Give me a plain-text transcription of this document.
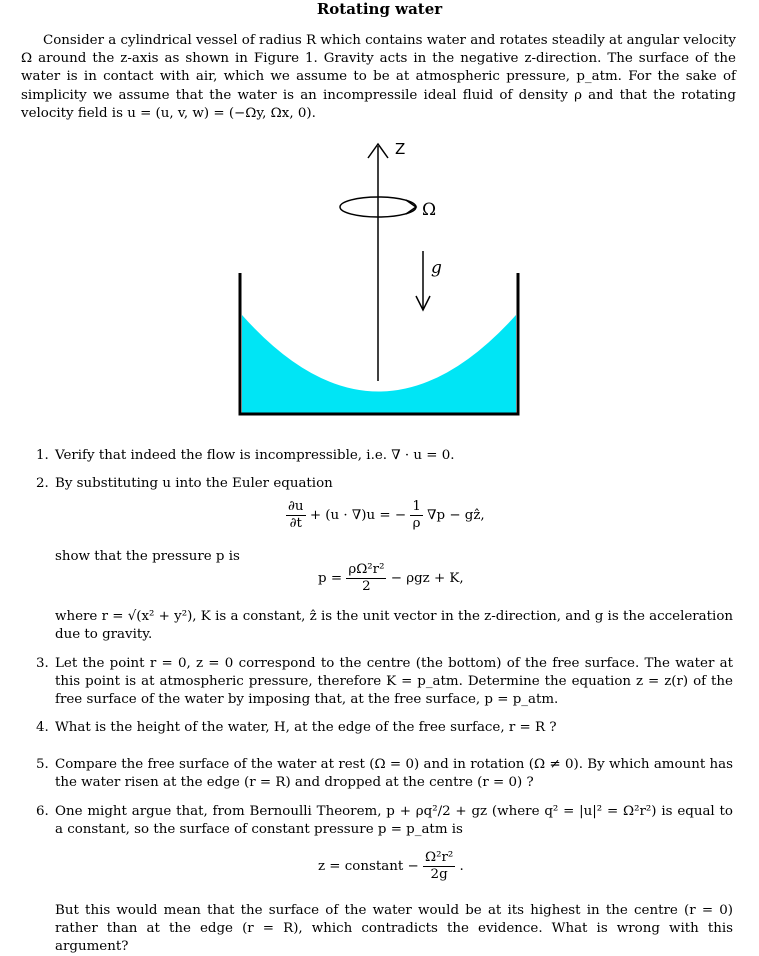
Rotating water
Consider a cylindrical vessel of radius R which contains water and rotates steadily at angular velocity Ω around the z-axis as shown in Figure 1. Gravity acts in the negative z-direction. The surface of the water is in contact with air, which we assume to be at atmospheric pressure, p_atm. For the sake of simplicity we assume that the water is an incompressile ideal fluid of density ρ and that the rotating velocity field is u = (u, v, w) = (−Ωy, Ωx, 0).
Z
Ω
g
1. Verify that indeed the flow is incompressible, i.e. ∇ · u = 0.
2. By substituting u into the Euler equation
$\frac{\partial u}{\partial t} + (u \cdot \nabla)u$ = − $\frac{1}{\rho} \nabla p$ − gẑ,
show that the pressure p is
$p = \frac{\text{ρΩ²r²}}{2} - \rho gz + K$,
where r = √(x² + y²), K is a constant, ẑ is the unit vector in the z-direction, and g is the acceleration due to gravity.
3. Let the point r = 0, z = 0 correspond to the centre (the bottom) of the free surface. The water at this point is at atmospheric pressure, therefore K = p_atm. Determine the equation z = z(r) of the free surface of the water by imposing that, at the free surface, p = p_atm.
4. What is the height of the water, H, at the edge of the free surface, r = R ?
5. Compare the free surface of the water at rest (Ω = 0) and in rotation (Ω ≠ 0). By which amount has the water risen at the edge (r = R) and dropped at the centre (r = 0) ?
6. One might argue that, from Bernoulli Theorem, p + ρq²/2 + gz (where q² = |u|² = Ω²r²) is equal to a constant, so the surface of constant pressure p = p_atm is
z = constant − $\frac{\text{Ω²r²}}{2g}$ .
But this would mean that the surface of the water would be at its highest in the centre (r = 0) rather than at the edge (r = R), which contradicts the evidence. What is wrong with this argument?
